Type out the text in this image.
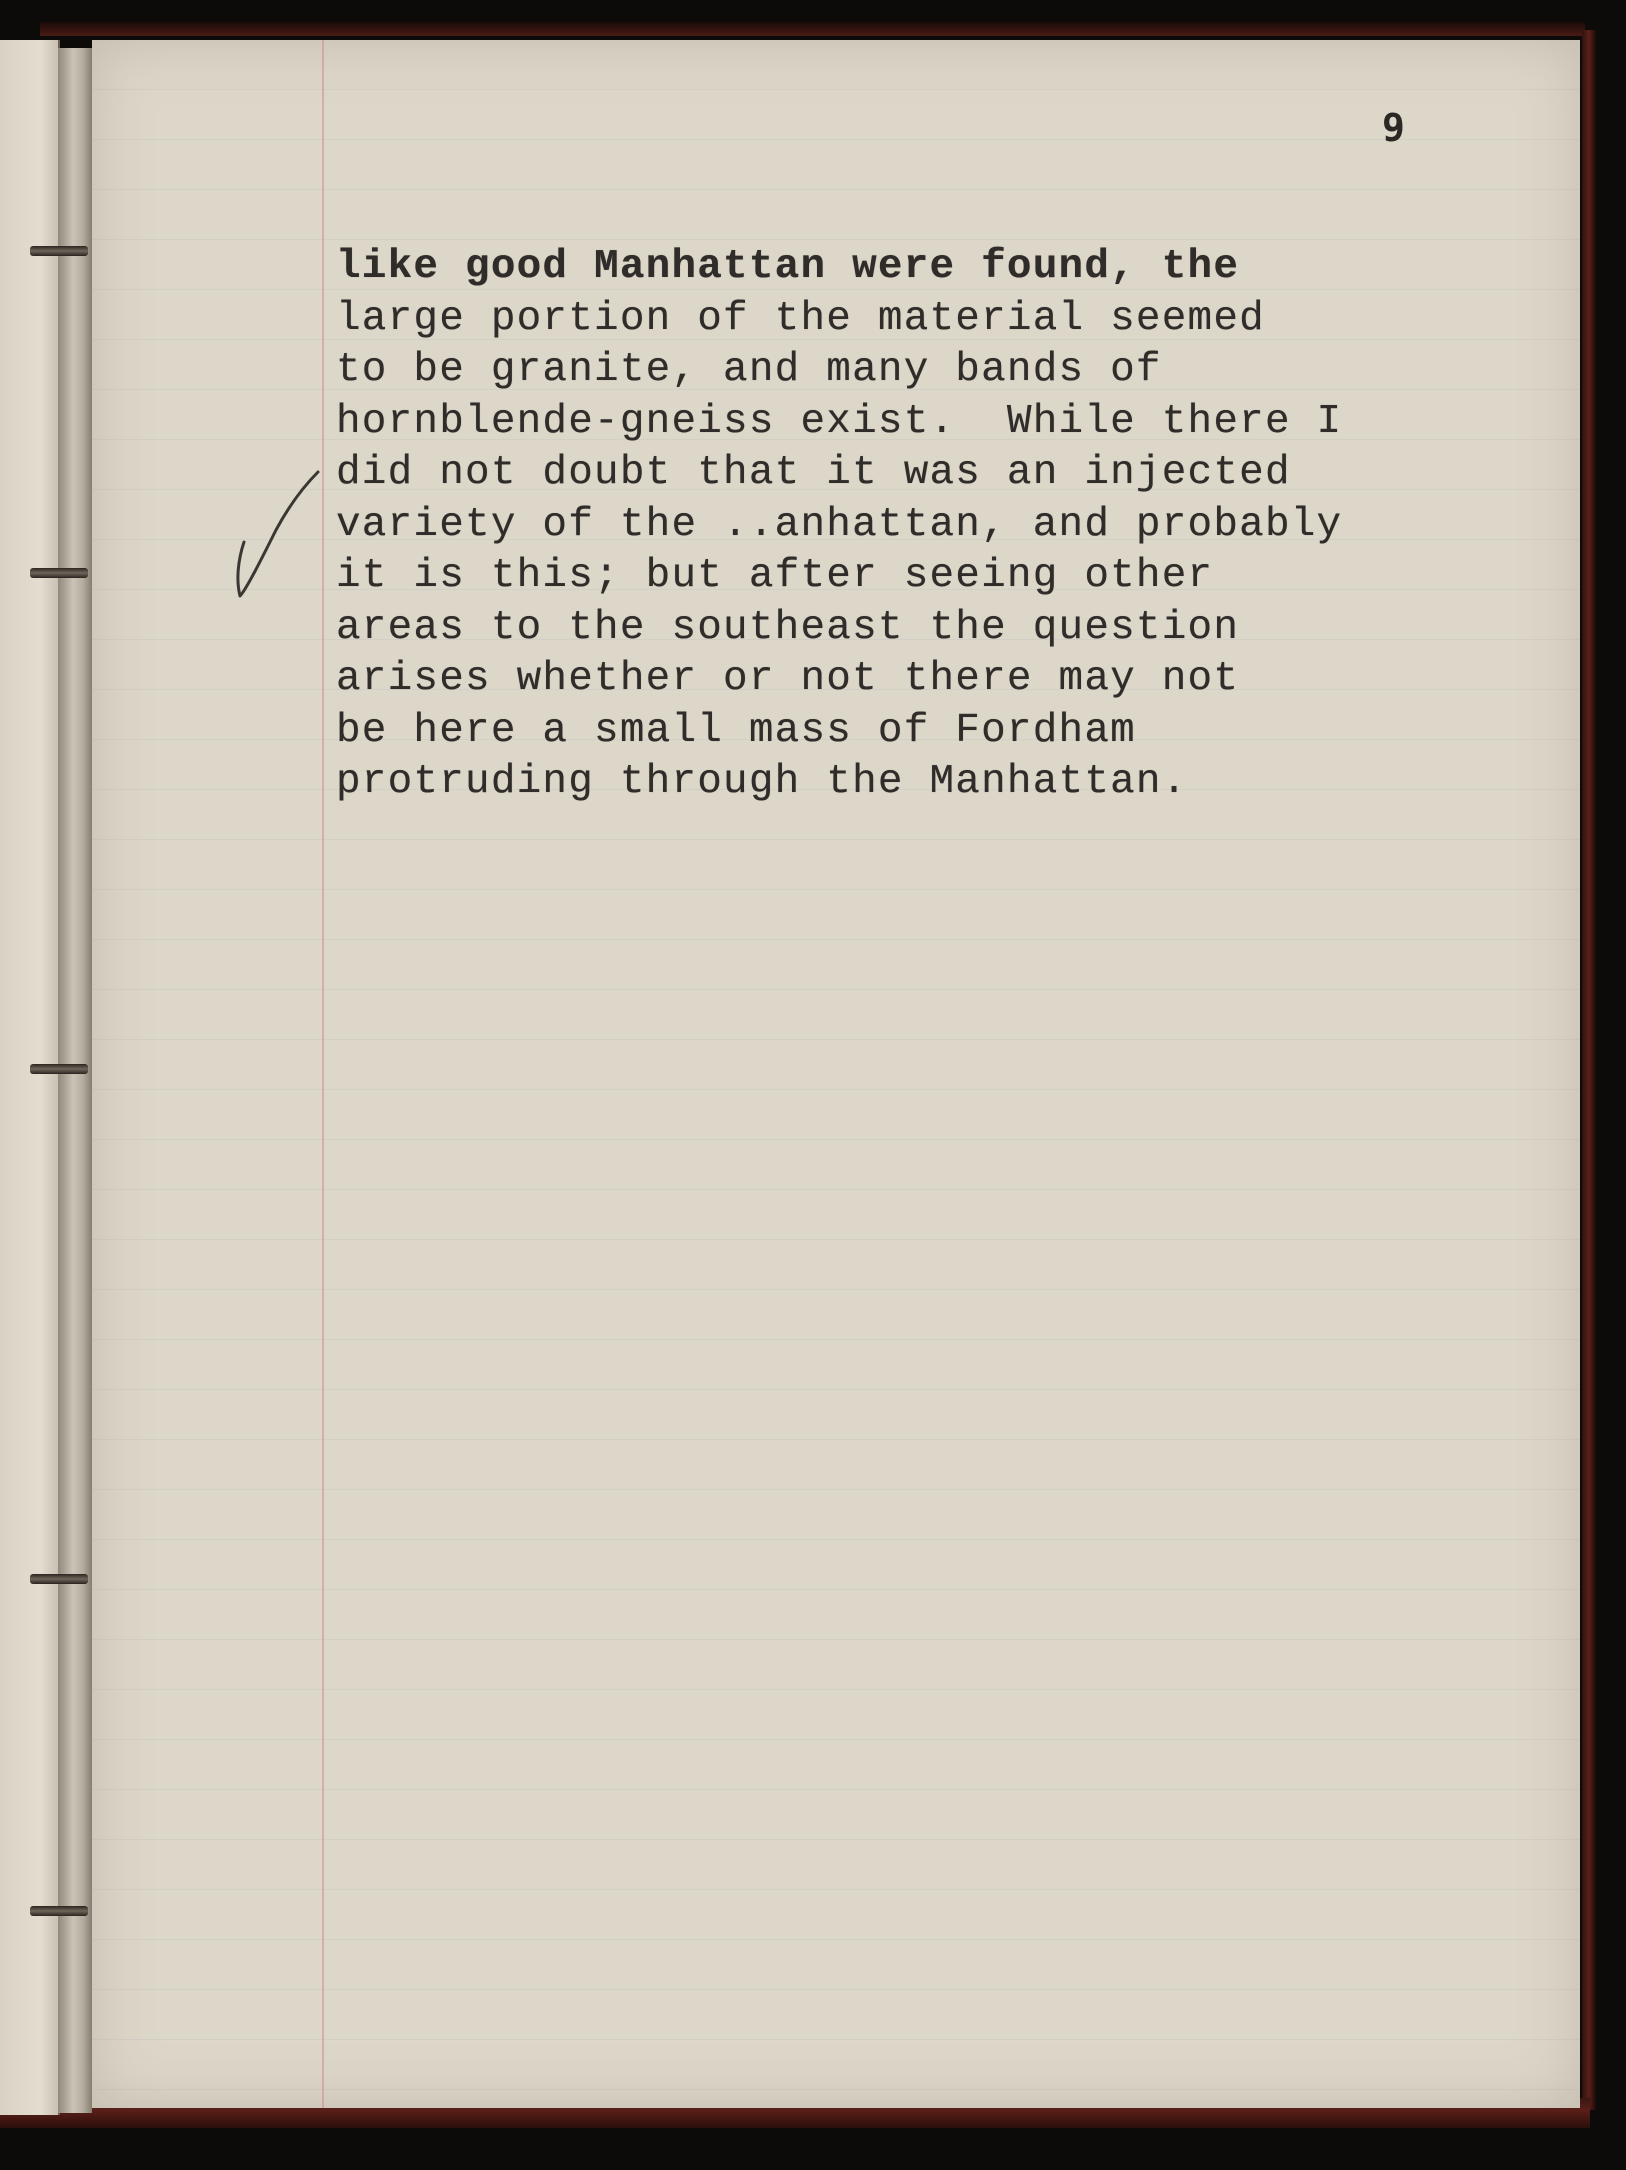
9
like good Manhattan were found, the
large portion of the material seemed
to be granite, and many bands of
hornblende-gneiss exist.  While there I
did not doubt that it was an injected
variety of the ..anhattan, and probably
it is this; but after seeing other
areas to the southeast the question
arises whether or not there may not
be here a small mass of Fordham
protruding through the Manhattan.
